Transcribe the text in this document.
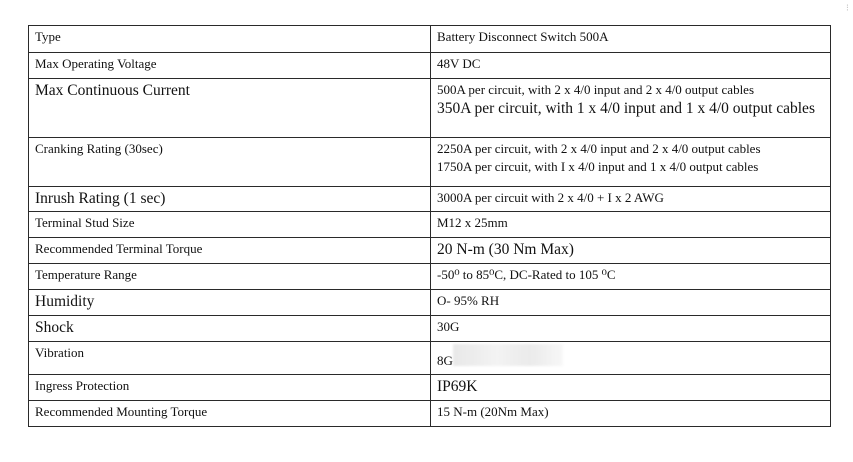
⁝
Type	Battery Disconnect Switch 500A

Max Operating Voltage	48V DC

Max Continuous Current	500A per circuit, with 2 x 4/0 input and 2 x 4/0 output cables
350A per circuit, with 1 x 4/0 input and 1 x 4/0 output cables

Cranking Rating (30sec)	2250A per circuit, with 2 x 4/0 input and 2 x 4/0 output cables
1750A per circuit, with I x 4/0 input and 1 x 4/0 output cables

Inrush Rating (1 sec)	3000A per circuit with 2 x 4/0 + I x 2 AWG

Terminal Stud Size	M12 x 25mm

Recommended Terminal Torque	20 N-m (30 Nm Max)

Temperature Range	-50⁰ to 85⁰C, DC-Rated to 105 ⁰C

Humidity	O- 95% RH

Shock	30G

Vibration	8G

Ingress Protection	IP69K

Recommended Mounting Torque	15 N-m (20Nm Max)
